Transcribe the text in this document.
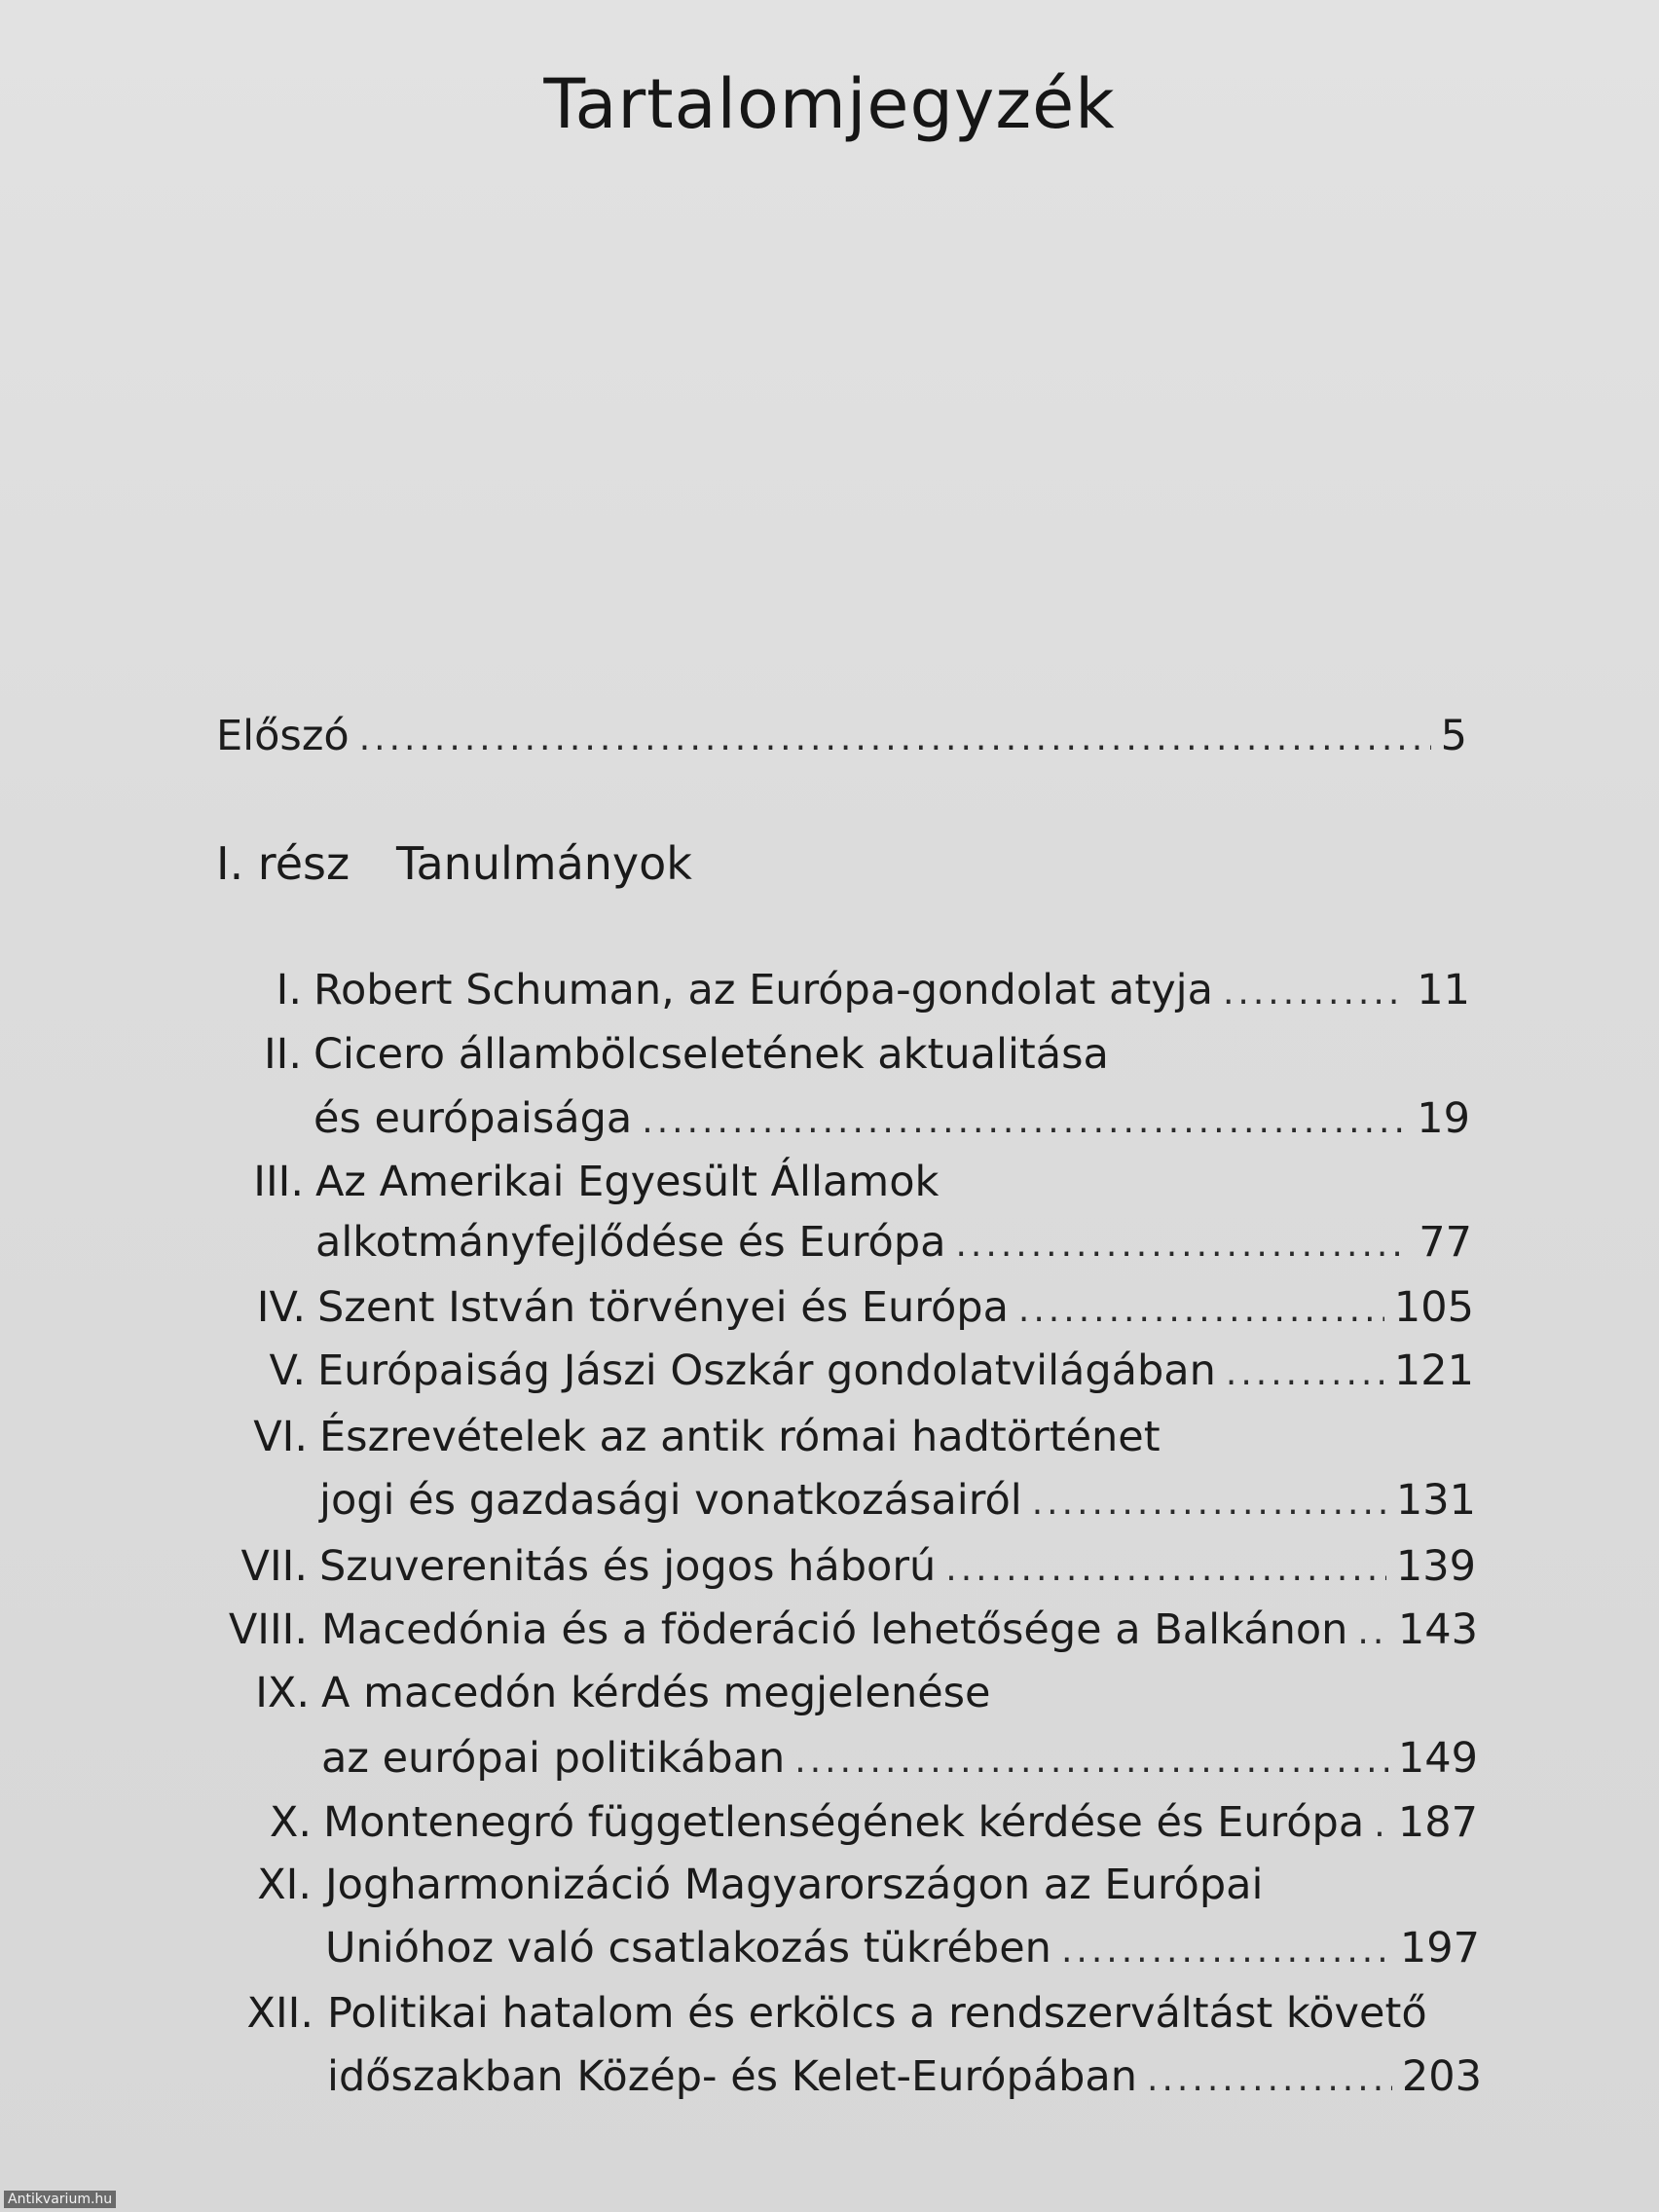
Tartalomjegyzék
Előszó .....	5
I. rész Tanulmányok
I. Robert Schuman, az Európa-gondolat atyja .....	11
II. Cicero állambölcseletének aktualitása
és európaisága .....	19
III. Az Amerikai Egyesült Államok
alkotmányfejlődése és Európa .....	77
IV. Szent István törvényei és Európa .....	105
V. Európaiság Jászi Oszkár gondolatvilágában .....	121
VI. Észrevételek az antik római hadtörténet
jogi és gazdasági vonatkozásairól .....	131
VII. Szuverenitás és jogos háború .....	139
VIII. Macedónia és a föderáció lehetősége a Balkánon ..... 143
IX. A macedón kérdés megjelenése
az európai politikában .....	149
X. Montenegró függetlenségének kérdése és Európa ..... 187
XI. Jogharmonizáció Magyarországon az Európai
Unióhoz való csatlakozás tükrében .....	197
XII. Politikai hatalom és erkölcs a rendszerváltást követő
időszakban Közép- és Kelet-Európában .....	203
Antikvarium.hu
